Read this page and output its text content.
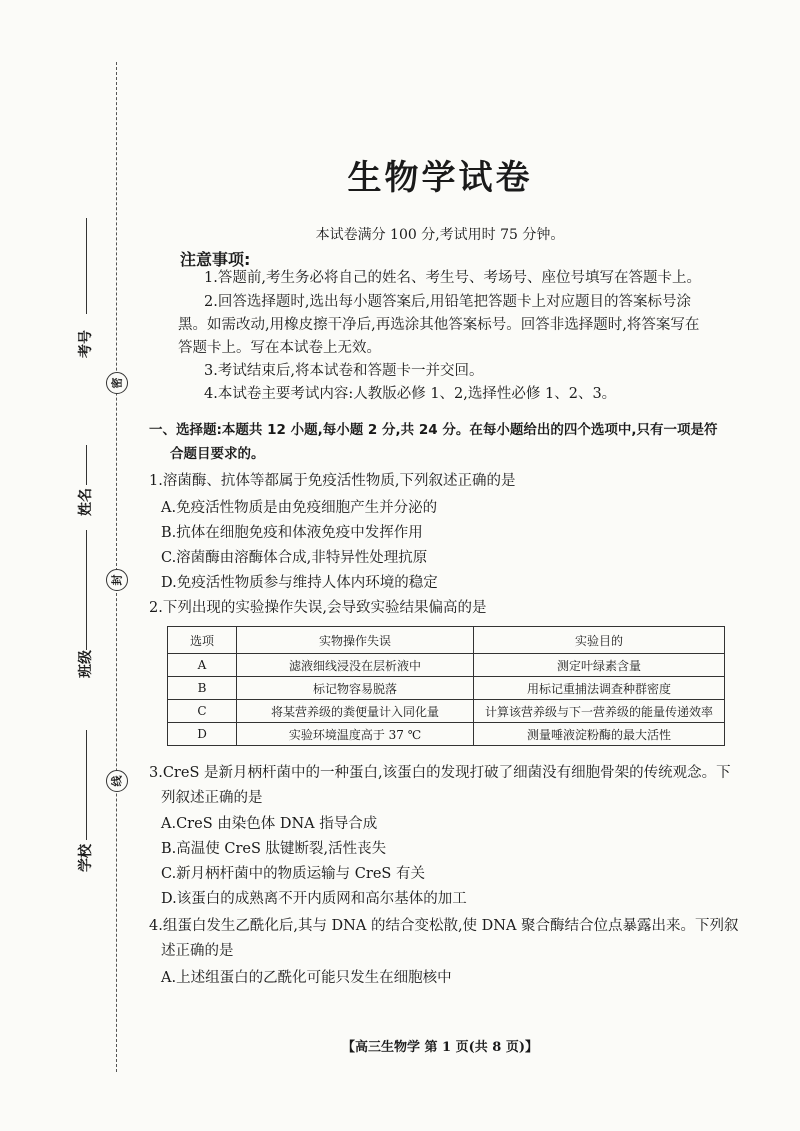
考号
姓名
班级
学校
密
封
线
生物学试卷
本试卷满分 100 分,考试用时 75 分钟。
注意事项:
1.答题前,考生务必将自己的姓名、考生号、考场号、座位号填写在答题卡上。
2.回答选择题时,选出每小题答案后,用铅笔把答题卡上对应题目的答案标号涂
黑。如需改动,用橡皮擦干净后,再选涂其他答案标号。回答非选择题时,将答案写在
答题卡上。写在本试卷上无效。
3.考试结束后,将本试卷和答题卡一并交回。
4.本试卷主要考试内容:人教版必修 1、2,选择性必修 1、2、3。
一、选择题:本题共 12 小题,每小题 2 分,共 24 分。在每小题给出的四个选项中,只有一项是符
合题目要求的。
1.溶菌酶、抗体等都属于免疫活性物质,下列叙述正确的是
A.免疫活性物质是由免疫细胞产生并分泌的
B.抗体在细胞免疫和体液免疫中发挥作用
C.溶菌酶由溶酶体合成,非特异性处理抗原
D.免疫活性物质参与维持人体内环境的稳定
2.下列出现的实验操作失误,会导致实验结果偏高的是
选项	实物操作失误	实验目的
A	滤液细线浸没在层析液中	测定叶绿素含量
B	标记物容易脱落	用标记重捕法调查种群密度
C	将某营养级的粪便量计入同化量	计算该营养级与下一营养级的能量传递效率
D	实验环境温度高于 37 ℃	测量唾液淀粉酶的最大活性
3.CreS 是新月柄杆菌中的一种蛋白,该蛋白的发现打破了细菌没有细胞骨架的传统观念。下
列叙述正确的是
A.CreS 由染色体 DNA 指导合成
B.高温使 CreS 肽键断裂,活性丧失
C.新月柄杆菌中的物质运输与 CreS 有关
D.该蛋白的成熟离不开内质网和高尔基体的加工
4.组蛋白发生乙酰化后,其与 DNA 的结合变松散,使 DNA 聚合酶结合位点暴露出来。下列叙
述正确的是
A.上述组蛋白的乙酰化可能只发生在细胞核中
【高三生物学 第 1 页(共 8 页)】
